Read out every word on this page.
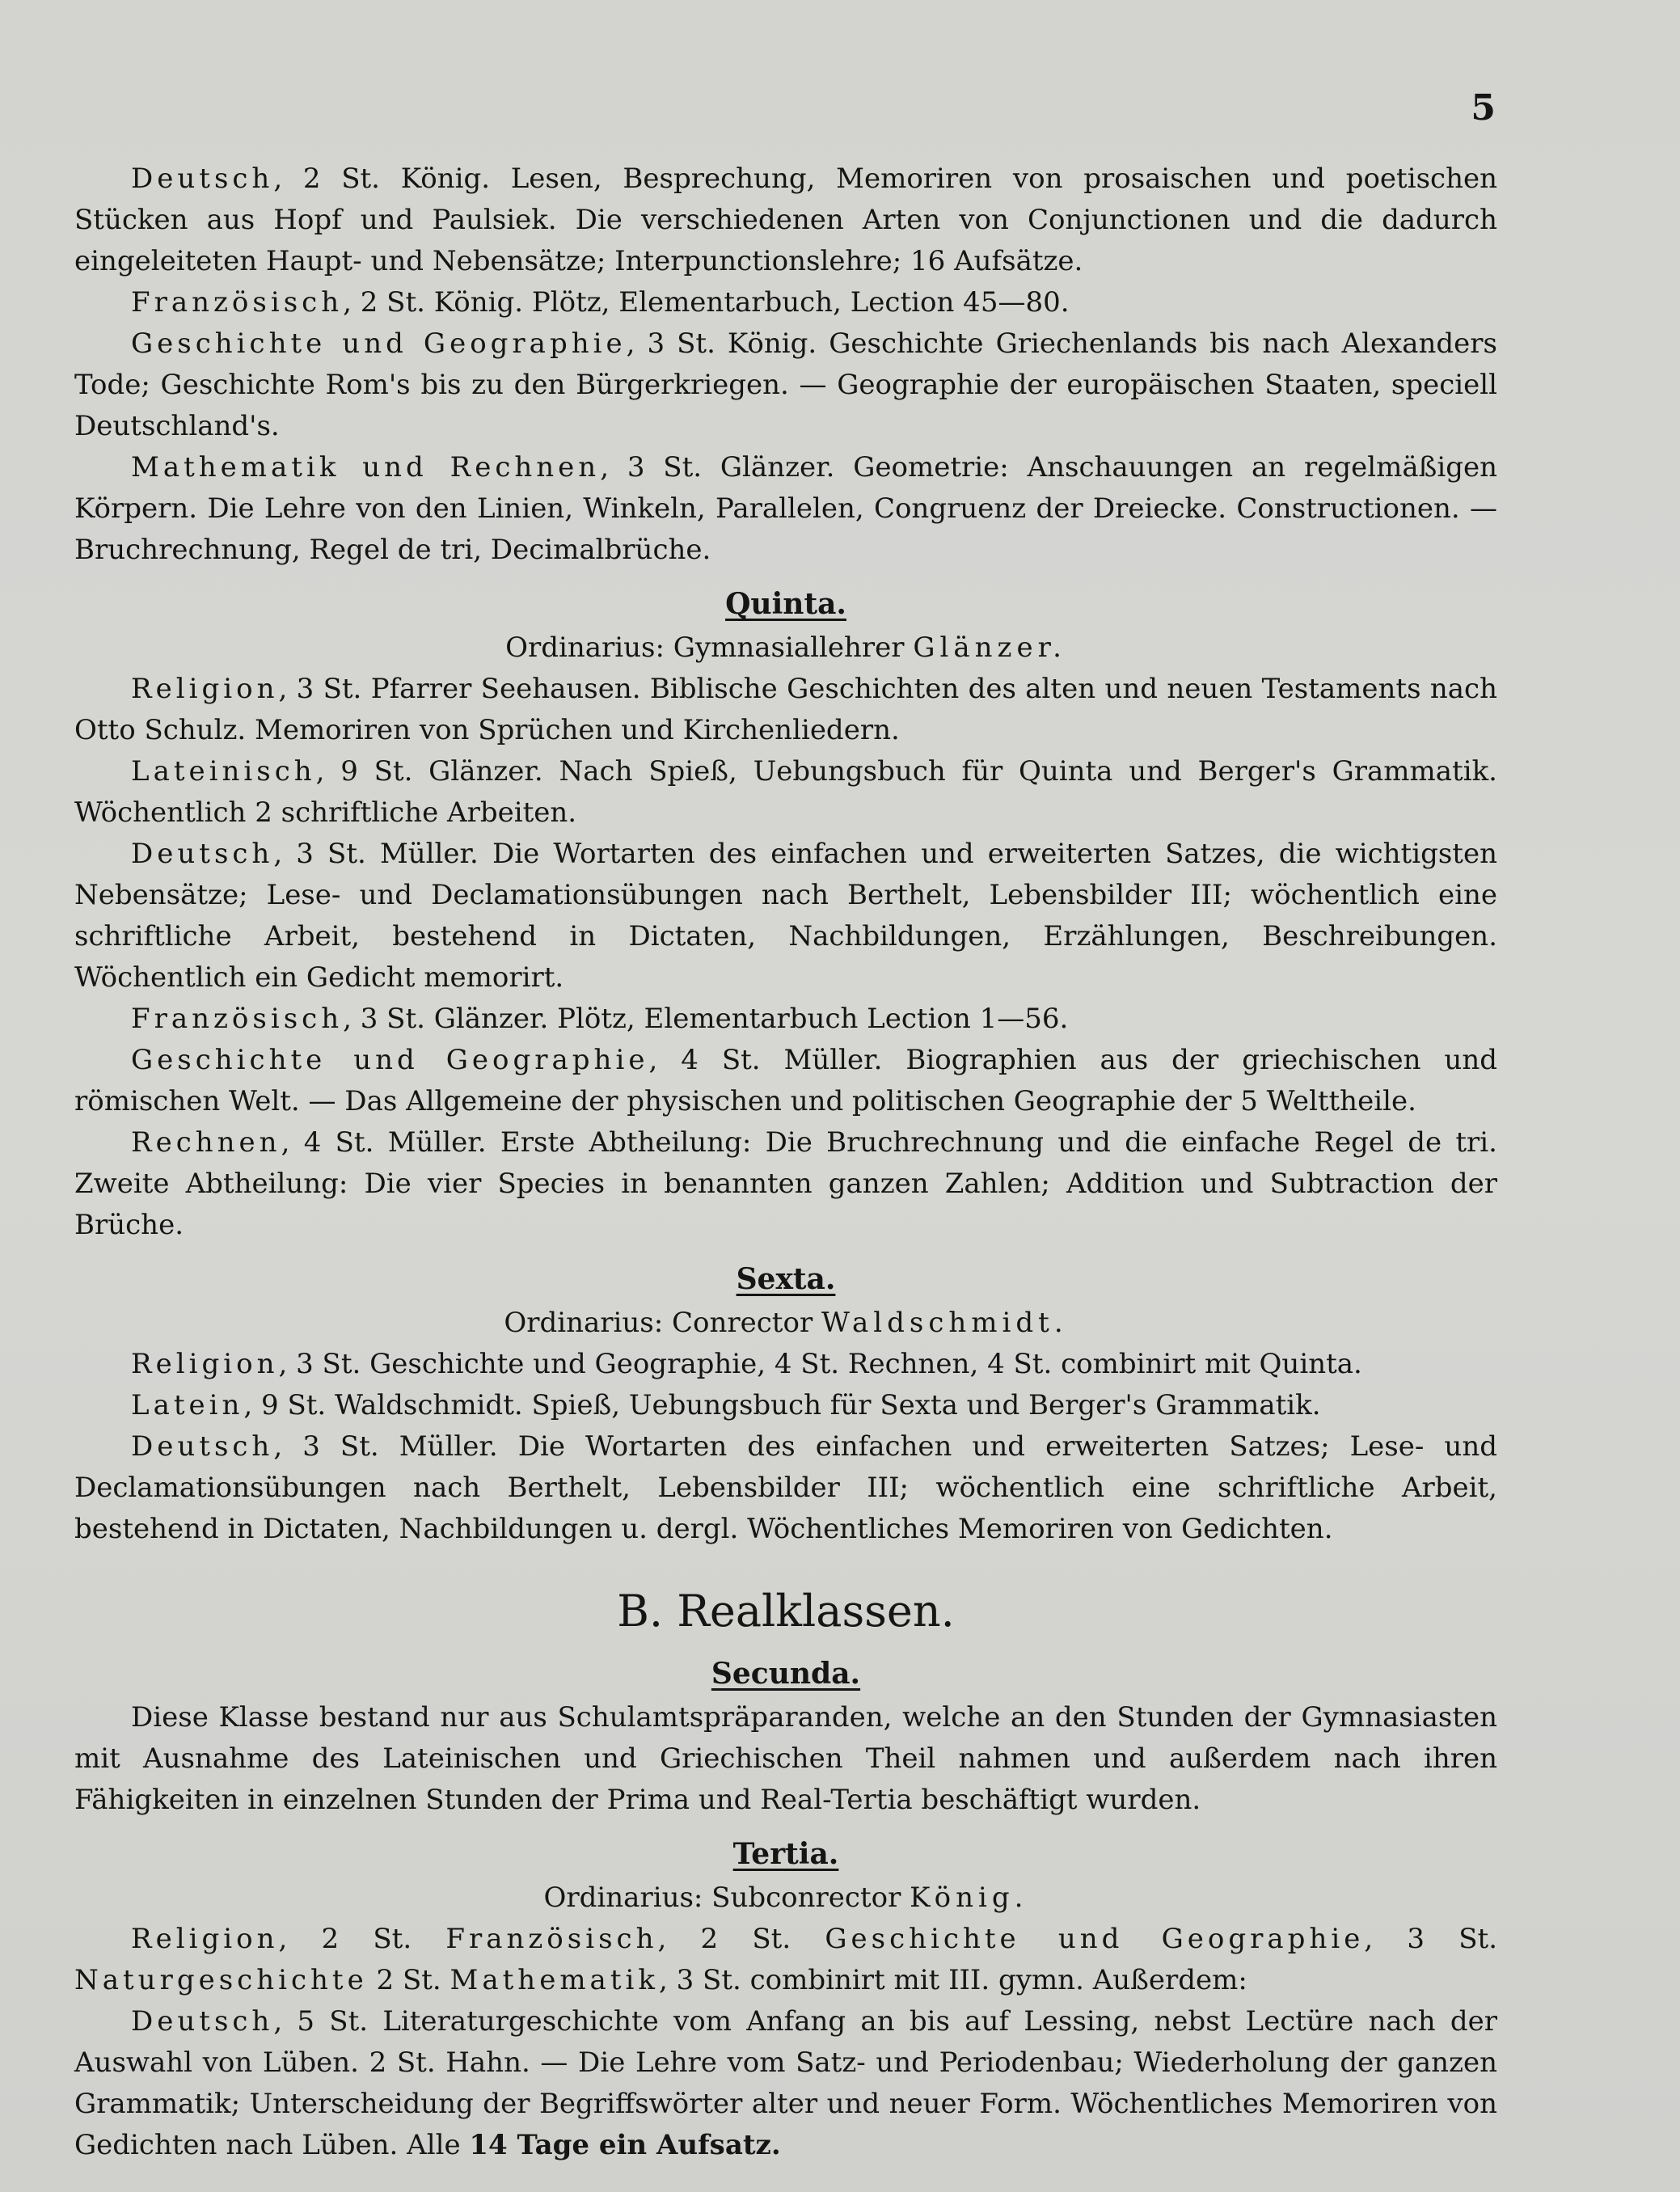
5

Deutsch, 2 St. König. Lesen, Besprechung, Memoriren von prosaischen und poetischen Stücken aus Hopf und Paulsiek. Die verschiedenen Arten von Conjunctionen und die dadurch eingeleiteten Haupt- und Nebensätze; Interpunctionslehre; 16 Aufsätze.

Französisch, 2 St. König. Plötz, Elementarbuch, Lection 45—80.

Geschichte und Geographie, 3 St. König. Geschichte Griechenlands bis nach Alexanders Tode; Geschichte Rom's bis zu den Bürgerkriegen. — Geographie der europäischen Staaten, speciell Deutschland's.

Mathematik und Rechnen, 3 St. Glänzer. Geometrie: Anschauungen an regelmäßigen Körpern. Die Lehre von den Linien, Winkeln, Parallelen, Congruenz der Dreiecke. Constructionen. — Bruchrechnung, Regel de tri, Decimalbrüche.

Quinta.

Ordinarius: Gymnasiallehrer Glänzer.

Religion, 3 St. Pfarrer Seehausen. Biblische Geschichten des alten und neuen Testaments nach Otto Schulz. Memoriren von Sprüchen und Kirchenliedern.

Lateinisch, 9 St. Glänzer. Nach Spieß, Uebungsbuch für Quinta und Berger's Grammatik. Wöchentlich 2 schriftliche Arbeiten.

Deutsch, 3 St. Müller. Die Wortarten des einfachen und erweiterten Satzes, die wichtigsten Nebensätze; Lese- und Declamationsübungen nach Berthelt, Lebensbilder III; wöchentlich eine schriftliche Arbeit, bestehend in Dictaten, Nachbildungen, Erzählungen, Beschreibungen. Wöchentlich ein Gedicht memorirt.

Französisch, 3 St. Glänzer. Plötz, Elementarbuch Lection 1—56.

Geschichte und Geographie, 4 St. Müller. Biographien aus der griechischen und römischen Welt. — Das Allgemeine der physischen und politischen Geographie der 5 Welttheile.

Rechnen, 4 St. Müller. Erste Abtheilung: Die Bruchrechnung und die einfache Regel de tri. Zweite Abtheilung: Die vier Species in benannten ganzen Zahlen; Addition und Subtraction der Brüche.

Sexta.

Ordinarius: Conrector Waldschmidt.

Religion, 3 St. Geschichte und Geographie, 4 St. Rechnen, 4 St. combinirt mit Quinta.

Latein, 9 St. Waldschmidt. Spieß, Uebungsbuch für Sexta und Berger's Grammatik.

Deutsch, 3 St. Müller. Die Wortarten des einfachen und erweiterten Satzes; Lese- und Declamationsübungen nach Berthelt, Lebensbilder III; wöchentlich eine schriftliche Arbeit, bestehend in Dictaten, Nachbildungen u. dergl. Wöchentliches Memoriren von Gedichten.

B. Realklassen.
Secunda.

Diese Klasse bestand nur aus Schulamtspräparanden, welche an den Stunden der Gymnasiasten mit Ausnahme des Lateinischen und Griechischen Theil nahmen und außerdem nach ihren Fähigkeiten in einzelnen Stunden der Prima und Real-Tertia beschäftigt wurden.

Tertia.

Ordinarius: Subconrector König.

Religion, 2 St. Französisch, 2 St. Geschichte und Geographie, 3 St. Naturgeschichte 2 St. Mathematik, 3 St. combinirt mit III. gymn. Außerdem:

Deutsch, 5 St. Literaturgeschichte vom Anfang an bis auf Lessing, nebst Lectüre nach der Auswahl von Lüben. 2 St. Hahn. — Die Lehre vom Satz- und Periodenbau; Wiederholung der ganzen Grammatik; Unterscheidung der Begriffswörter alter und neuer Form. Wöchentliches Memoriren von Gedichten nach Lüben. Alle 14 Tage ein Aufsatz.
